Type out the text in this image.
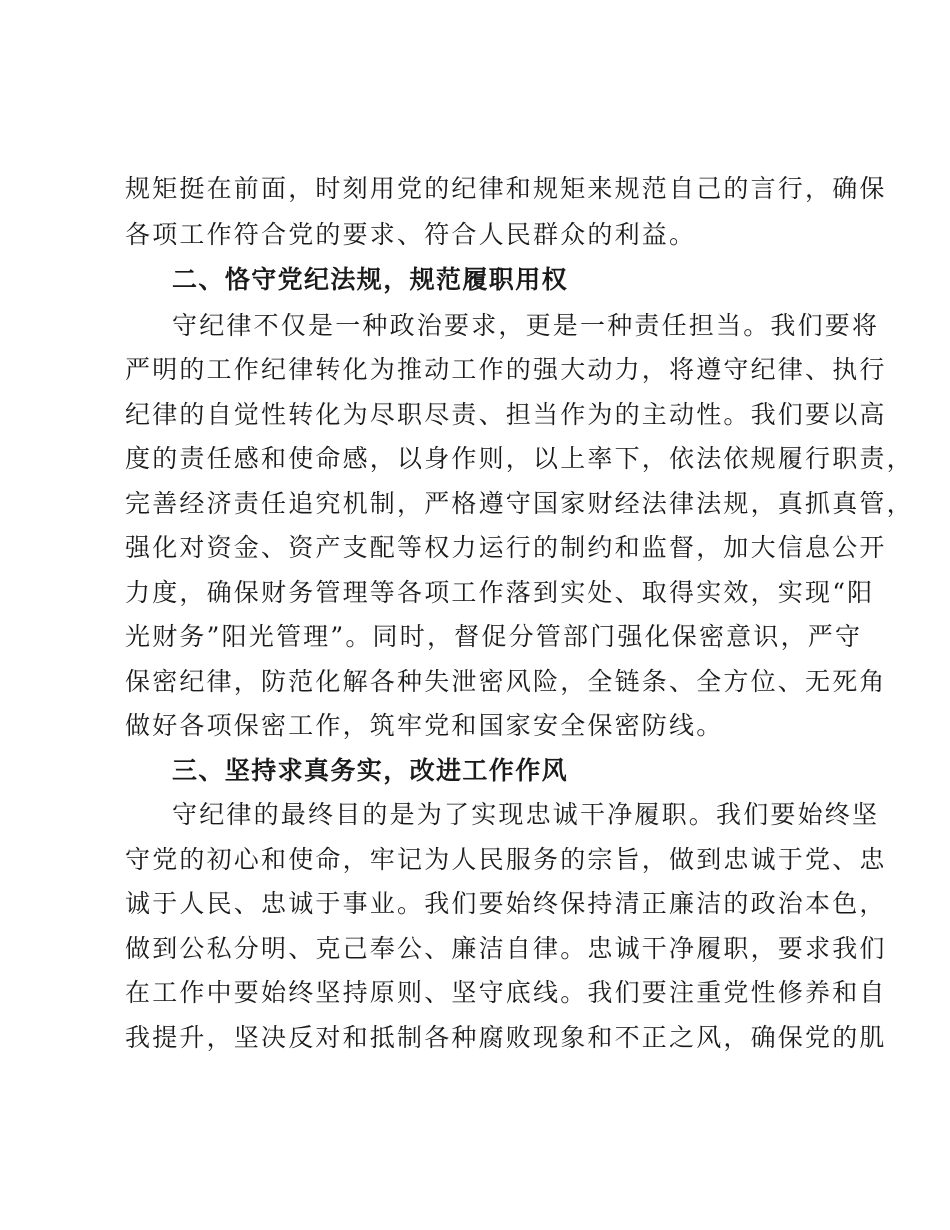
规矩挺在前面，时刻用党的纪律和规矩来规范自己的言行，确保
各项工作符合党的要求、符合人民群众的利益。
二、恪守党纪法规，规范履职用权
守纪律不仅是一种政治要求，更是一种责任担当。我们要将
严明的工作纪律转化为推动工作的强大动力，将遵守纪律、执行
纪律的自觉性转化为尽职尽责、担当作为的主动性。我们要以高
度的责任感和使命感，以身作则，以上率下，依法依规履行职责，
完善经济责任追究机制，严格遵守国家财经法律法规，真抓真管，
强化对资金、资产支配等权力运行的制约和监督，加大信息公开
力度，确保财务管理等各项工作落到实处、取得实效，实现“阳
光财务”阳光管理”。同时，督促分管部门强化保密意识，严守
保密纪律，防范化解各种失泄密风险，全链条、全方位、无死角
做好各项保密工作，筑牢党和国家安全保密防线。
三、坚持求真务实，改进工作作风
守纪律的最终目的是为了实现忠诚干净履职。我们要始终坚
守党的初心和使命，牢记为人民服务的宗旨，做到忠诚于党、忠
诚于人民、忠诚于事业。我们要始终保持清正廉洁的政治本色，
做到公私分明、克己奉公、廉洁自律。忠诚干净履职，要求我们
在工作中要始终坚持原则、坚守底线。我们要注重党性修养和自
我提升，坚决反对和抵制各种腐败现象和不正之风，确保党的肌
